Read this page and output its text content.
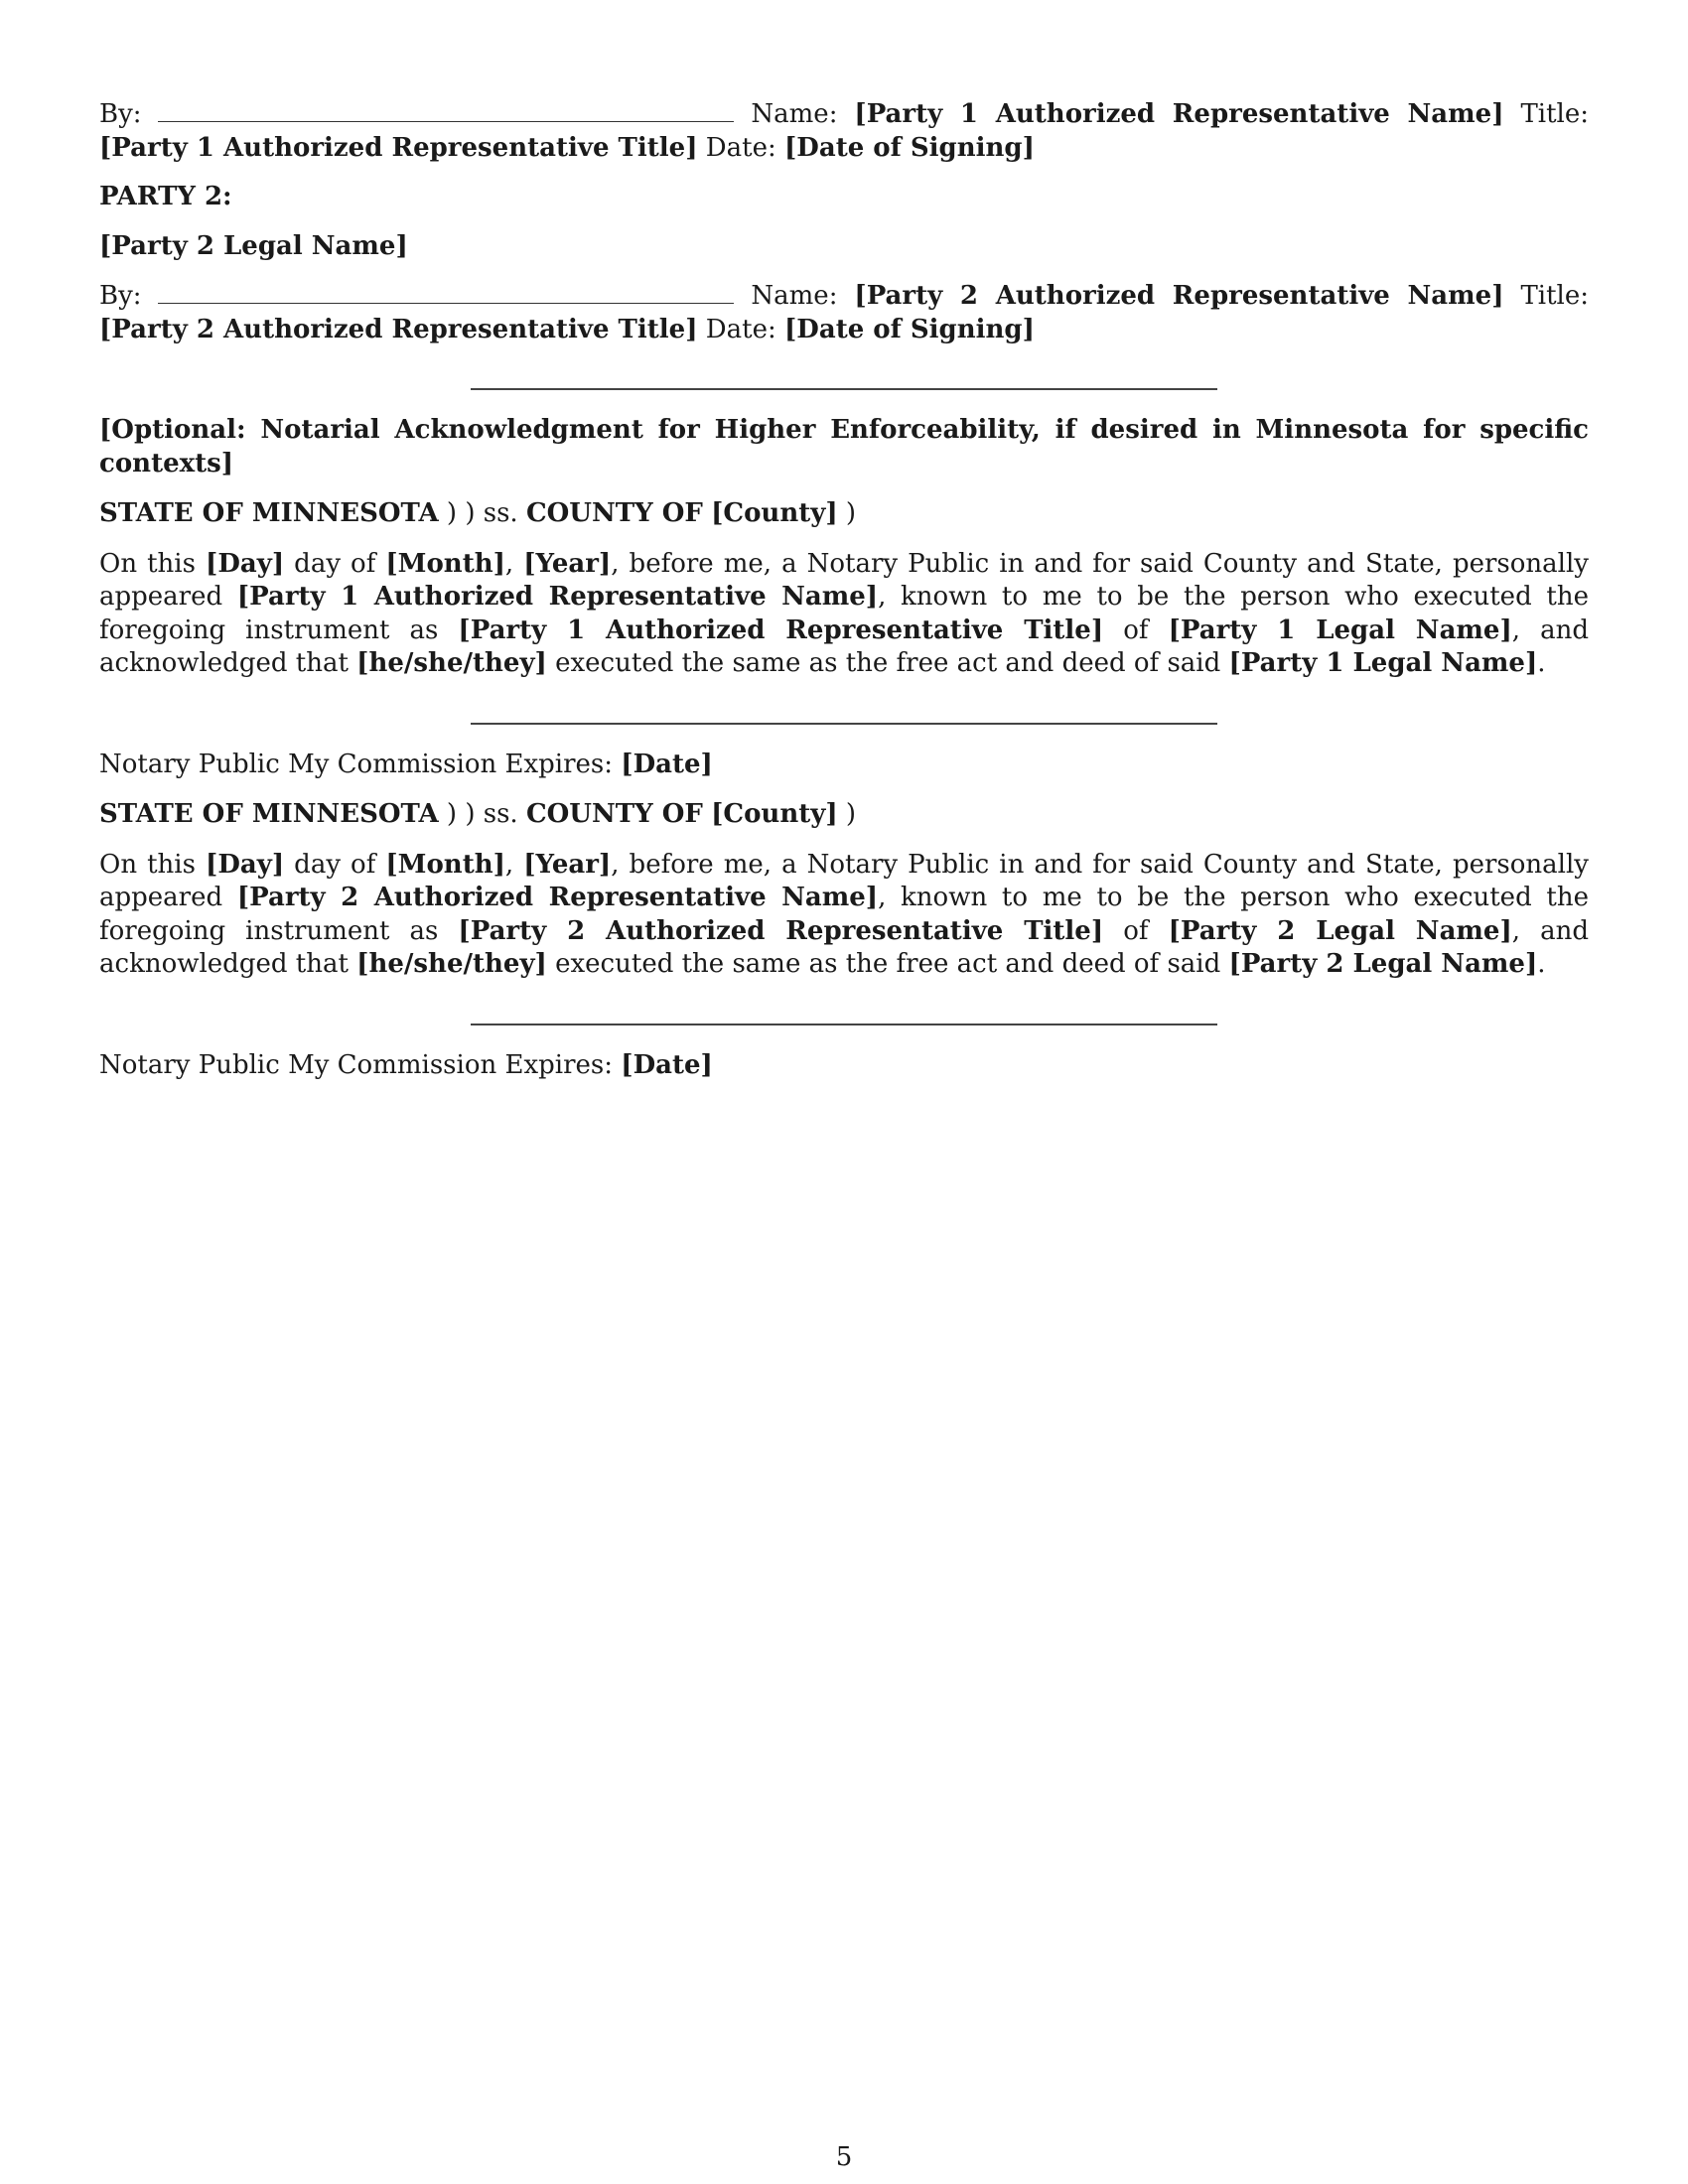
By:	Name: [Party 1 Authorized Representative Name] Title: [Party 1 Authorized Representative Title] Date: [Date of Signing]

PARTY 2:

[Party 2 Legal Name]

By:	Name: [Party 2 Authorized Representative Name] Title: [Party 2 Authorized Representative Title] Date: [Date of Signing]

[Optional: Notarial Acknowledgment for Higher Enforceability, if desired in Minnesota for specific contexts]

STATE OF MINNESOTA ) ) ss. COUNTY OF [County] )

On this [Day] day of [Month], [Year], before me, a Notary Public in and for said County and State, personally appeared [Party 1 Authorized Representative Name], known to me to be the person who executed the foregoing instrument as [Party 1 Authorized Representative Title] of [Party 1 Legal Name], and acknowledged that [he/she/they] executed the same as the free act and deed of said [Party 1 Legal Name].

Notary Public My Commission Expires: [Date]

STATE OF MINNESOTA ) ) ss. COUNTY OF [County] )

On this [Day] day of [Month], [Year], before me, a Notary Public in and for said County and State, personally appeared [Party 2 Authorized Representative Name], known to me to be the person who executed the foregoing instrument as [Party 2 Authorized Representative Title] of [Party 2 Legal Name], and acknowledged that [he/she/they] executed the same as the free act and deed of said [Party 2 Legal Name].

Notary Public My Commission Expires: [Date]

5
